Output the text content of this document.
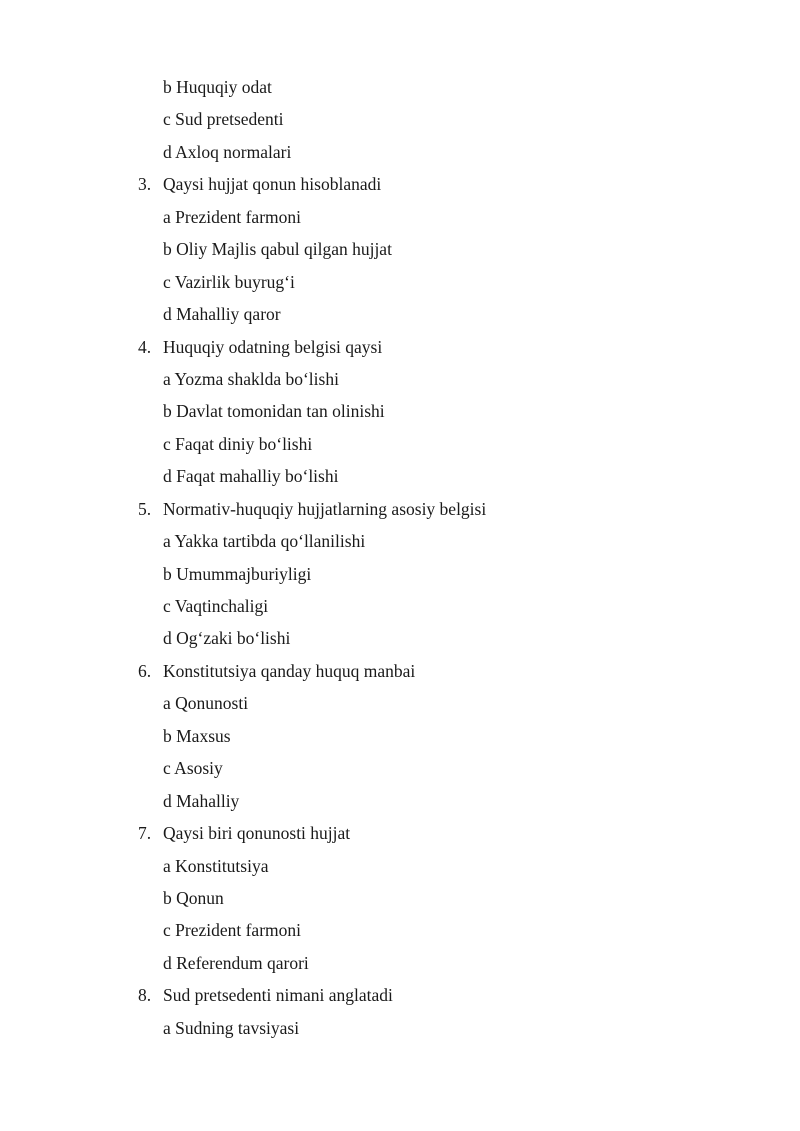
b Huquqiy odat
c Sud pretsedenti
d Axloq normalari
3. Qaysi hujjat qonun hisoblanadi
a Prezident farmoni
b Oliy Majlis qabul qilgan hujjat
c Vazirlik buyrug‘i
d Mahalliy qaror
4. Huquqiy odatning belgisi qaysi
a Yozma shaklda bo‘lishi
b Davlat tomonidan tan olinishi
c Faqat diniy bo‘lishi
d Faqat mahalliy bo‘lishi
5. Normativ-huquqiy hujjatlarning asosiy belgisi
a Yakka tartibda qo‘llanilishi
b Umummajburiyligi
c Vaqtinchaligi
d Og‘zaki bo‘lishi
6. Konstitutsiya qanday huquq manbai
a Qonunosti
b Maxsus
c Asosiy
d Mahalliy
7. Qaysi biri qonunosti hujjat
a Konstitutsiya
b Qonun
c Prezident farmoni
d Referendum qarori
8. Sud pretsedenti nimani anglatadi
a Sudning tavsiyasi
